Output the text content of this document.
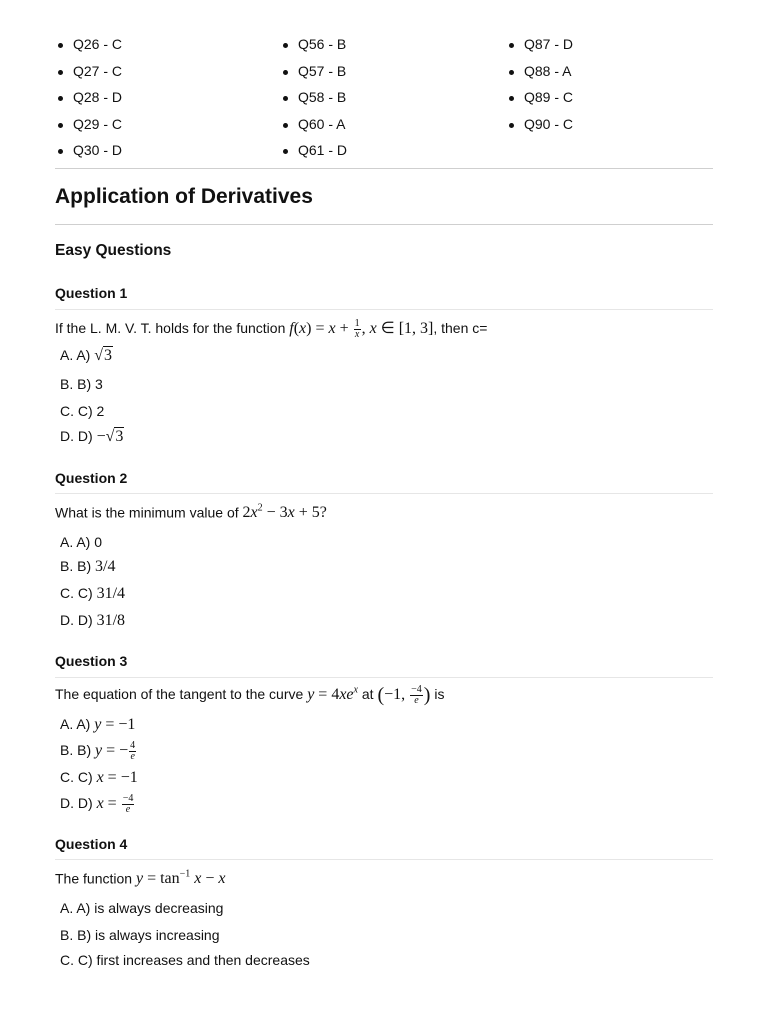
Q26 - C
Q27 - C
Q28 - D
Q29 - C
Q30 - D
Q56 - B
Q57 - B
Q58 - B
Q60 - A
Q61 - D
Q87 - D
Q88 - A
Q89 - C
Q90 - C
Application of Derivatives
Easy Questions
Question 1
If the L. M. V. T. holds for the function $f(x) = x + \frac{1}{x}$ , x ∈ [1, 3], then c=
A. A) √3
B. B) 3
C. C) 2
D. D) −√3
Question 2
What is the minimum value of $2x^2 - 3x + 5$?
A. A) 0
B. B) 3/4
C. C) 31/4
D. D) 31/8
Question 3
The equation of the tangent to the curve $y = 4xe^x$ at (−1, $\frac{-4}{e}$ ) is
A. A) y = −1
B. B) y = − $\frac{4}{e}$
C. C) x = −1
D. D) $x = \frac{-4}{e}$
Question 4
The function $y = \tan^{-1} x - x$
A. A) is always decreasing
B. B) is always increasing
C. C) first increases and then decreases
